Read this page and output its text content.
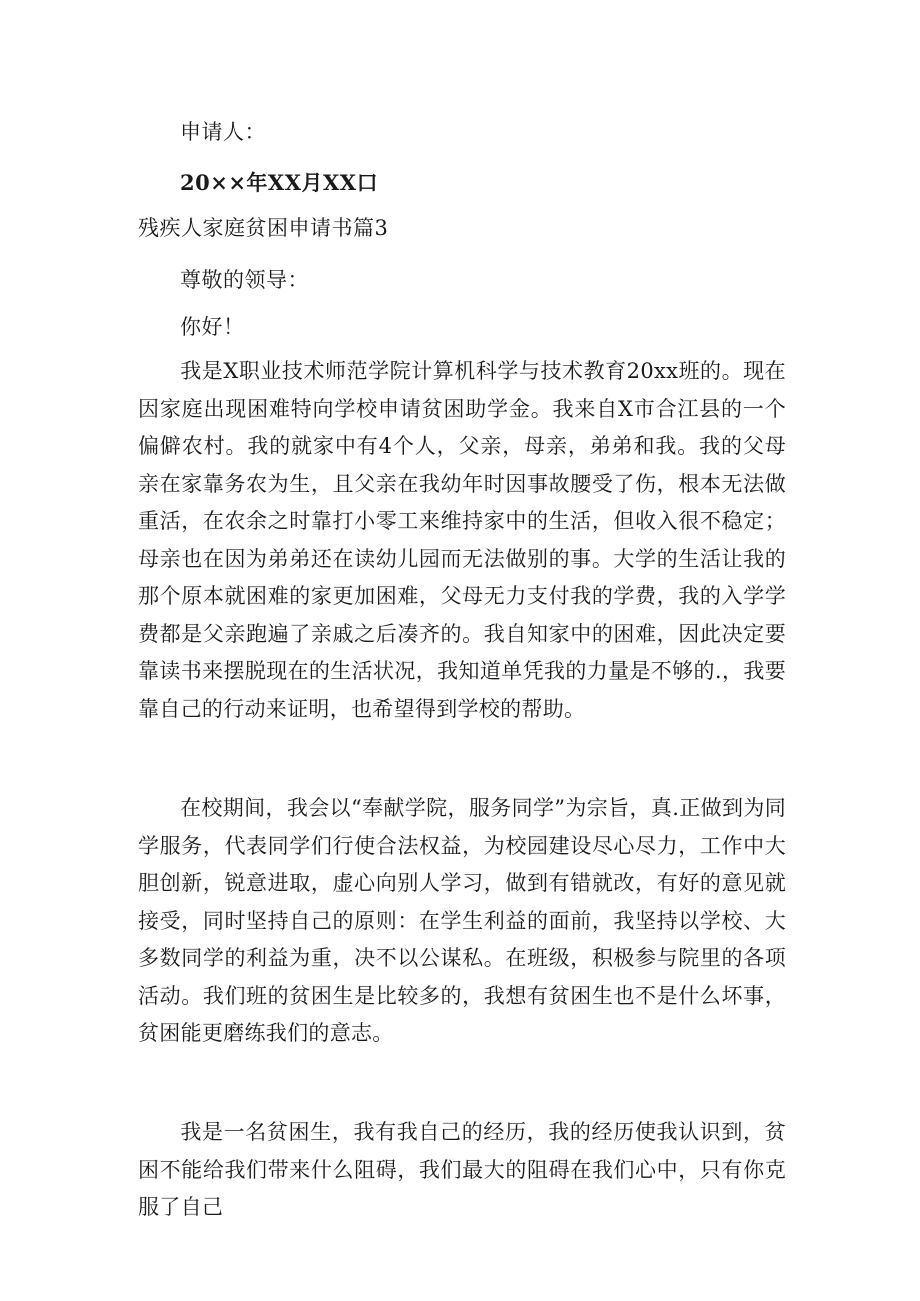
申请人：
20××年XX月XX口
残疾人家庭贫困申请书篇3
尊敬的领导：
你好！
我是X职业技术师范学院计算机科学与技术教育20xx班的。现在因家庭出现困难特向学校申请贫困助学金。我来自X市合江县的一个偏僻农村。我的就家中有4个人，父亲，母亲，弟弟和我。我的父母亲在家靠务农为生，且父亲在我幼年时因事故腰受了伤，根本无法做重活，在农余之时靠打小零工来维持家中的生活，但收入很不稳定；母亲也在因为弟弟还在读幼儿园而无法做别的事。大学的生活让我的那个原本就困难的家更加困难，父母无力支付我的学费，我的入学学费都是父亲跑遍了亲戚之后凑齐的。我自知家中的困难，因此决定要靠读书来摆脱现在的生活状况，我知道单凭我的力量是不够的.，我要靠自己的行动来证明，也希望得到学校的帮助。
在校期间，我会以“奉献学院，服务同学”为宗旨，真.正做到为同学服务，代表同学们行使合法权益，为校园建设尽心尽力，工作中大胆创新，锐意进取，虚心向别人学习，做到有错就改，有好的意见就接受，同时坚持自己的原则：在学生利益的面前，我坚持以学校、大多数同学的利益为重，决不以公谋私。在班级，积极参与院里的各项活动。我们班的贫困生是比较多的，我想有贫困生也不是什么坏事，贫困能更磨练我们的意志。
我是一名贫困生，我有我自己的经历，我的经历使我认识到，贫困不能给我们带来什么阻碍，我们最大的阻碍在我们心中，只有你克服了自己
